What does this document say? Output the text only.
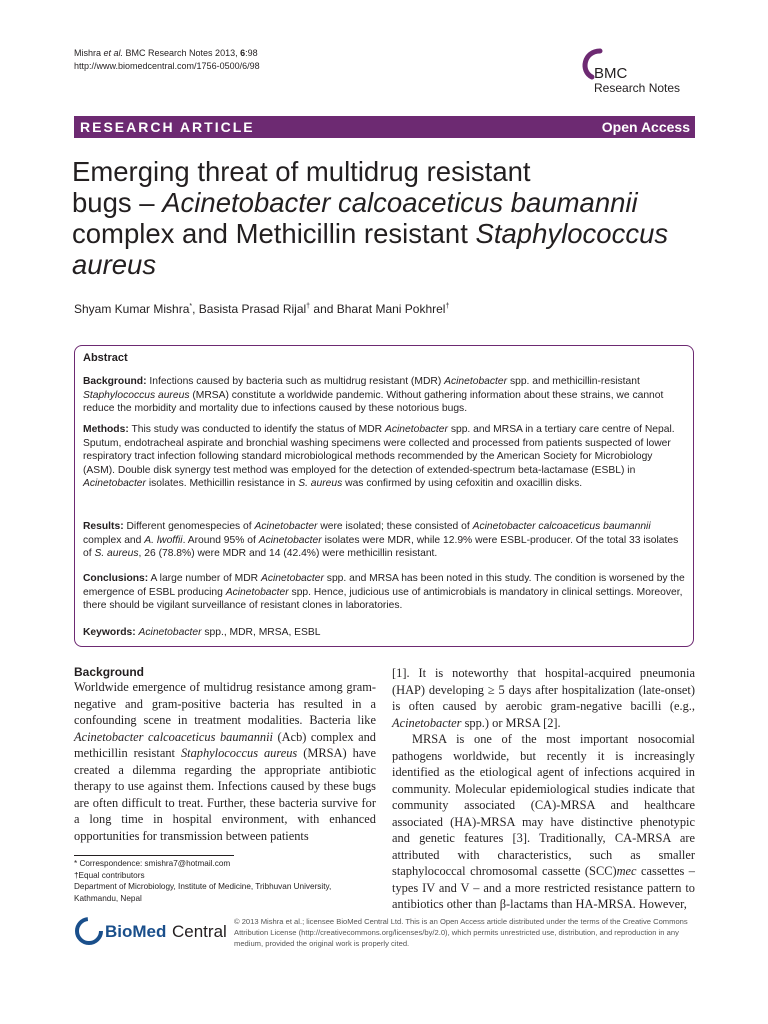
Mishra et al. BMC Research Notes 2013, 6:98
http://www.biomedcentral.com/1756-0500/6/98	BMC
Research Notes
RESEARCH ARTICLE	Open Access
Emerging threat of multidrug resistant
bugs – Acinetobacter calcoaceticus baumannii
complex and Methicillin resistant Staphylococcus
aureus
Shyam Kumar Mishra*, Basista Prasad Rijal† and Bharat Mani Pokhrel†
Abstract
Background: Infections caused by bacteria such as multidrug resistant (MDR) Acinetobacter spp. and methicillin-resistant Staphylococcus aureus (MRSA) constitute a worldwide pandemic. Without gathering information about these strains, we cannot reduce the morbidity and mortality due to infections caused by these notorious bugs.
Methods: This study was conducted to identify the status of MDR Acinetobacter spp. and MRSA in a tertiary care centre of Nepal. Sputum, endotracheal aspirate and bronchial washing specimens were collected and processed from patients suspected of lower respiratory tract infection following standard microbiological methods recommended by the American Society for Microbiology (ASM). Double disk synergy test method was employed for the detection of extended-spectrum beta-lactamase (ESBL) in Acinetobacter isolates. Methicillin resistance in S. aureus was confirmed by using cefoxitin and oxacillin disks.
Results: Different genomespecies of Acinetobacter were isolated; these consisted of Acinetobacter calcoaceticus baumannii complex and A. lwoffii. Around 95% of Acinetobacter isolates were MDR, while 12.9% were ESBL-producer. Of the total 33 isolates of S. aureus, 26 (78.8%) were MDR and 14 (42.4%) were methicillin resistant.
Conclusions: A large number of MDR Acinetobacter spp. and MRSA has been noted in this study. The condition is worsened by the emergence of ESBL producing Acinetobacter spp. Hence, judicious use of antimicrobials is mandatory in clinical settings. Moreover, there should be vigilant surveillance of resistant clones in laboratories.
Keywords: Acinetobacter spp., MDR, MRSA, ESBL
Background
Worldwide emergence of multidrug resistance among gram-negative and gram-positive bacteria has resulted in a confounding scene in treatment modalities. Bacteria like Acinetobacter calcoaceticus baumannii (Acb) complex and methicillin resistant Staphylococcus aureus (MRSA) have created a dilemma regarding the appropriate antibiotic therapy to use against them. Infections caused by these bugs are often difficult to treat. Further, these bacteria survive for a long time in hospital environment, with enhanced opportunities for transmission between patients
[1]. It is noteworthy that hospital-acquired pneumonia (HAP) developing ≥ 5 days after hospitalization (late-onset) is often caused by aerobic gram-negative bacilli (e.g., Acinetobacter spp.) or MRSA [2].
MRSA is one of the most important nosocomial pathogens worldwide, but recently it is increasingly identified as the etiological agent of infections acquired in community. Molecular epidemiological studies indicate that community associated (CA)-MRSA and healthcare associated (HA)-MRSA may have distinctive phenotypic and genetic features [3]. Traditionally, CA-MRSA are attributed with characteristics, such as smaller staphylococcal chromosomal cassette (SCC)mec cassettes – types IV and V – and a more restricted resistance pattern to antibiotics other than β-lactams than HA-MRSA. However,
* Correspondence: smishra7@hotmail.com
†Equal contributors
Department of Microbiology, Institute of Medicine, Tribhuvan University, Kathmandu, Nepal
BioMed Central
© 2013 Mishra et al.; licensee BioMed Central Ltd. This is an Open Access article distributed under the terms of the Creative Commons Attribution License (http://creativecommons.org/licenses/by/2.0), which permits unrestricted use, distribution, and reproduction in any medium, provided the original work is properly cited.
